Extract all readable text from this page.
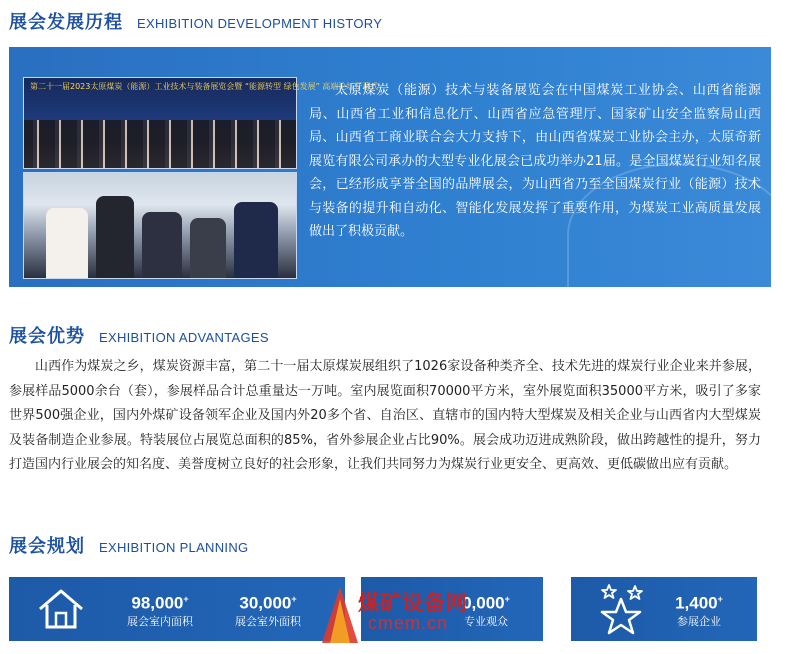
展会发展历程 EXHIBITION DEVELOPMENT HISTORY
第二十一届2023太原煤炭（能源）工业技术与装备展览会暨 “能源转型 绿色发展” 高端论坛开幕式
太原煤炭（能源）技术与装备展览会在中国煤炭工业协会、山西省能源局、山西省工业和信息化厅、山西省应急管理厅、国家矿山安全监察局山西局、山西省工商业联合会大力支持下，由山西省煤炭工业协会主办，太原奇新展览有限公司承办的大型专业化展会已成功举办21届。是全国煤炭行业知名展会，已经形成享誉全国的品牌展会，为山西省乃至全国煤炭行业（能源）技术与装备的提升和自动化、智能化发展发挥了重要作用，为煤炭工业高质量发展做出了积极贡献。
展会优势 EXHIBITION ADVANTAGES
山西作为煤炭之乡，煤炭资源丰富，第二十一届太原煤炭展组织了1026家设备种类齐全、技术先进的煤炭行业企业来并参展，参展样品5000余台（套），参展样品合计总重量达一万吨。室内展览面积70000平方米，室外展览面积35000平方米，吸引了多家世界500强企业，国内外煤矿设备领军企业及国内外20多个省、自治区、直辖市的国内特大型煤炭及相关企业与山西省内大型煤炭及装备制造企业参展。特装展位占展览总面积的85%，省外参展企业占比90%。展会成功迈进成熟阶段，做出跨越性的提升，努力打造国内行业展会的知名度、美誉度树立良好的社会形象，让我们共同努力为煤炭行业更安全、更高效、更低碳做出应有贡献。
展会规划 EXHIBITION PLANNING
98,000+
展会室内面积
30,000+
展会室外面积
0,000+
专业观众
1,400+
参展企业
煤矿设备网
cmem.cn
